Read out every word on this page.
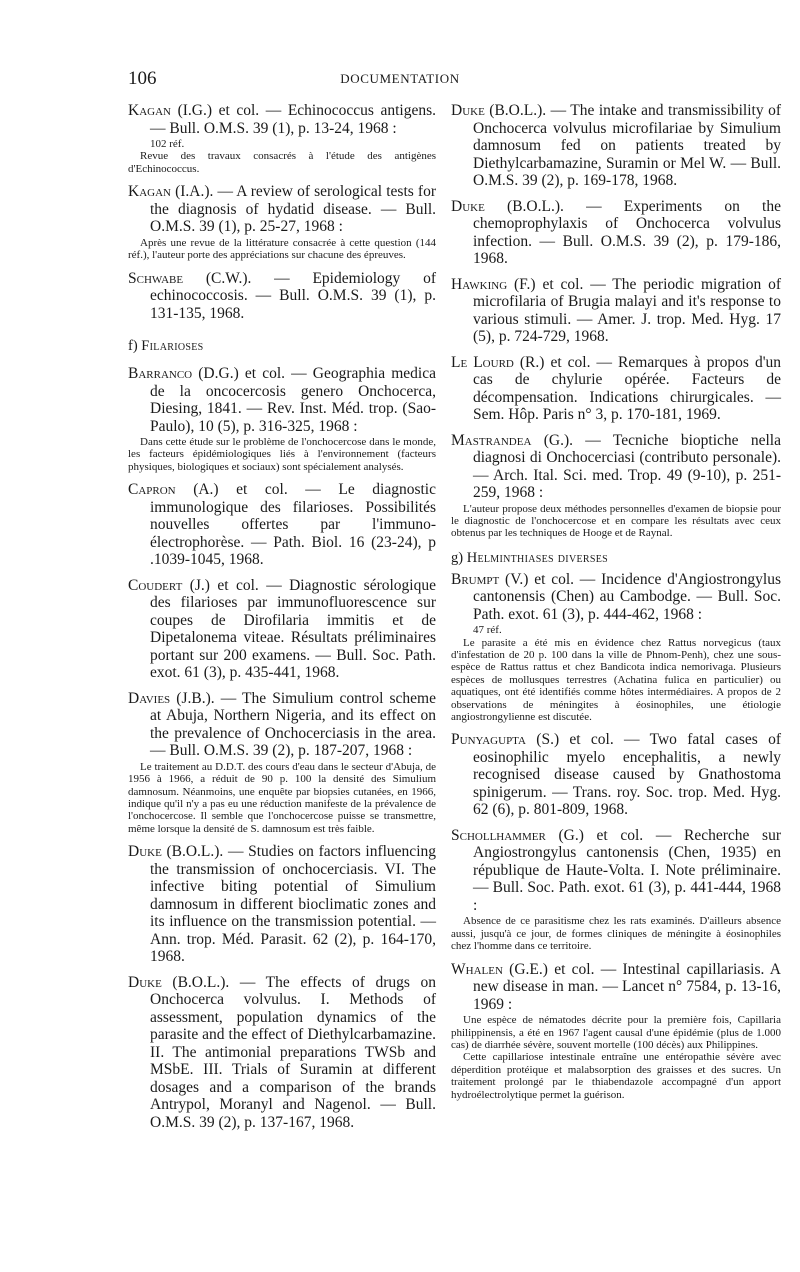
106	DOCUMENTATION

Kagan (I.G.) et col. — Echinococcus antigens. — Bull. O.M.S. 39 (1), p. 13-24, 1968 :

102 réf.

Revue des travaux consacrés à l'étude des antigènes d'Echinococcus.

Kagan (I.A.). — A review of serological tests for the diagnosis of hydatid disease. — Bull. O.M.S. 39 (1), p. 25-27, 1968 :

Après une revue de la littérature consacrée à cette question (144 réf.), l'auteur porte des appréciations sur chacune des épreuves.

Schwabe (C.W.). — Epidemiology of echinococcosis. — Bull. O.M.S. 39 (1), p. 131-135, 1968.

f) Filarioses

Barranco (D.G.) et col. — Geographia medica de la oncocercosis genero Onchocerca, Diesing, 1841. — Rev. Inst. Méd. trop. (Sao-Paulo), 10 (5), p. 316-325, 1968 :

Dans cette étude sur le problème de l'onchocercose dans le monde, les facteurs épidémiologiques liés à l'environnement (facteurs physiques, biologiques et sociaux) sont spécialement analysés.

Capron (A.) et col. — Le diagnostic immunologique des filarioses. Possibilités nouvelles offertes par l'immuno-électrophorèse. — Path. Biol. 16 (23-24), p .1039-1045, 1968.

Coudert (J.) et col. — Diagnostic sérologique des filarioses par immunofluorescence sur coupes de Dirofilaria immitis et de Dipetalonema viteae. Résultats préliminaires portant sur 200 examens. — Bull. Soc. Path. exot. 61 (3), p. 435-441, 1968.

Davies (J.B.). — The Simulium control scheme at Abuja, Northern Nigeria, and its effect on the prevalence of Onchocerciasis in the area. — Bull. O.M.S. 39 (2), p. 187-207, 1968 :

Le traitement au D.D.T. des cours d'eau dans le secteur d'Abuja, de 1956 à 1966, a réduit de 90 p. 100 la densité des Simulium damnosum. Néanmoins, une enquête par biopsies cutanées, en 1966, indique qu'il n'y a pas eu une réduction manifeste de la prévalence de l'onchocercose. Il semble que l'onchocercose puisse se transmettre, même lorsque la densité de S. damnosum est très faible.

Duke (B.O.L.). — Studies on factors influencing the transmission of onchocerciasis. VI. The infective biting potential of Simulium damnosum in different bioclimatic zones and its influence on the transmission potential. — Ann. trop. Méd. Parasit. 62 (2), p. 164-170, 1968.

Duke (B.O.L.). — The effects of drugs on Onchocerca volvulus. I. Methods of assessment, population dynamics of the parasite and the effect of Diethylcarbamazine. II. The antimonial preparations TWSb and MSbE. III. Trials of Suramin at different dosages and a comparison of the brands Antrypol, Moranyl and Nagenol. — Bull. O.M.S. 39 (2), p. 137-167, 1968.

Duke (B.O.L.). — The intake and transmissibility of Onchocerca volvulus microfilariae by Simulium damnosum fed on patients treated by Diethylcarbamazine, Suramin or Mel W. — Bull. O.M.S. 39 (2), p. 169-178, 1968.

Duke (B.O.L.). — Experiments on the chemoprophylaxis of Onchocerca volvulus infection. — Bull. O.M.S. 39 (2), p. 179-186, 1968.

Hawking (F.) et col. — The periodic migration of microfilaria of Brugia malayi and it's response to various stimuli. — Amer. J. trop. Med. Hyg. 17 (5), p. 724-729, 1968.

Le Lourd (R.) et col. — Remarques à propos d'un cas de chylurie opérée. Facteurs de décompensation. Indications chirurgicales. — Sem. Hôp. Paris n° 3, p. 170-181, 1969.

Mastrandea (G.). — Tecniche bioptiche nella diagnosi di Onchocerciasi (contributo personale). — Arch. Ital. Sci. med. Trop. 49 (9-10), p. 251-259, 1968 :

L'auteur propose deux méthodes personnelles d'examen de biopsie pour le diagnostic de l'onchocercose et en compare les résultats avec ceux obtenus par les techniques de Hooge et de Raynal.

g) Helminthiases diverses

Brumpt (V.) et col. — Incidence d'Angiostrongylus cantonensis (Chen) au Cambodge. — Bull. Soc. Path. exot. 61 (3), p. 444-462, 1968 :

47 réf.

Le parasite a été mis en évidence chez Rattus norvegicus (taux d'infestation de 20 p. 100 dans la ville de Phnom-Penh), chez une sous-espèce de Rattus rattus et chez Bandicota indica nemorivaga. Plusieurs espèces de mollusques terrestres (Achatina fulica en particulier) ou aquatiques, ont été identifiés comme hôtes intermédiaires. A propos de 2 observations de méningites à éosinophiles, une étiologie angiostrongylienne est discutée.

Punyagupta (S.) et col. — Two fatal cases of eosinophilic myelo encephalitis, a newly recognised disease caused by Gnathostoma spinigerum. — Trans. roy. Soc. trop. Med. Hyg. 62 (6), p. 801-809, 1968.

Schollhammer (G.) et col. — Recherche sur Angiostrongylus cantonensis (Chen, 1935) en république de Haute-Volta. I. Note préliminaire. — Bull. Soc. Path. exot. 61 (3), p. 441-444, 1968 :

Absence de ce parasitisme chez les rats examinés. D'ailleurs absence aussi, jusqu'à ce jour, de formes cliniques de méningite à éosinophiles chez l'homme dans ce territoire.

Whalen (G.E.) et col. — Intestinal capillariasis. A new disease in man. — Lancet n° 7584, p. 13-16, 1969 :

Une espèce de nématodes décrite pour la première fois, Capillaria philippinensis, a été en 1967 l'agent causal d'une épidémie (plus de 1.000 cas) de diarrhée sévère, souvent mortelle (100 décès) aux Philippines.

Cette capillariose intestinale entraîne une entéropathie sévère avec déperdition protéique et malabsorption des graisses et des sucres. Un traitement prolongé par le thiabendazole accompagné d'un apport hydroélectrolytique permet la guérison.
